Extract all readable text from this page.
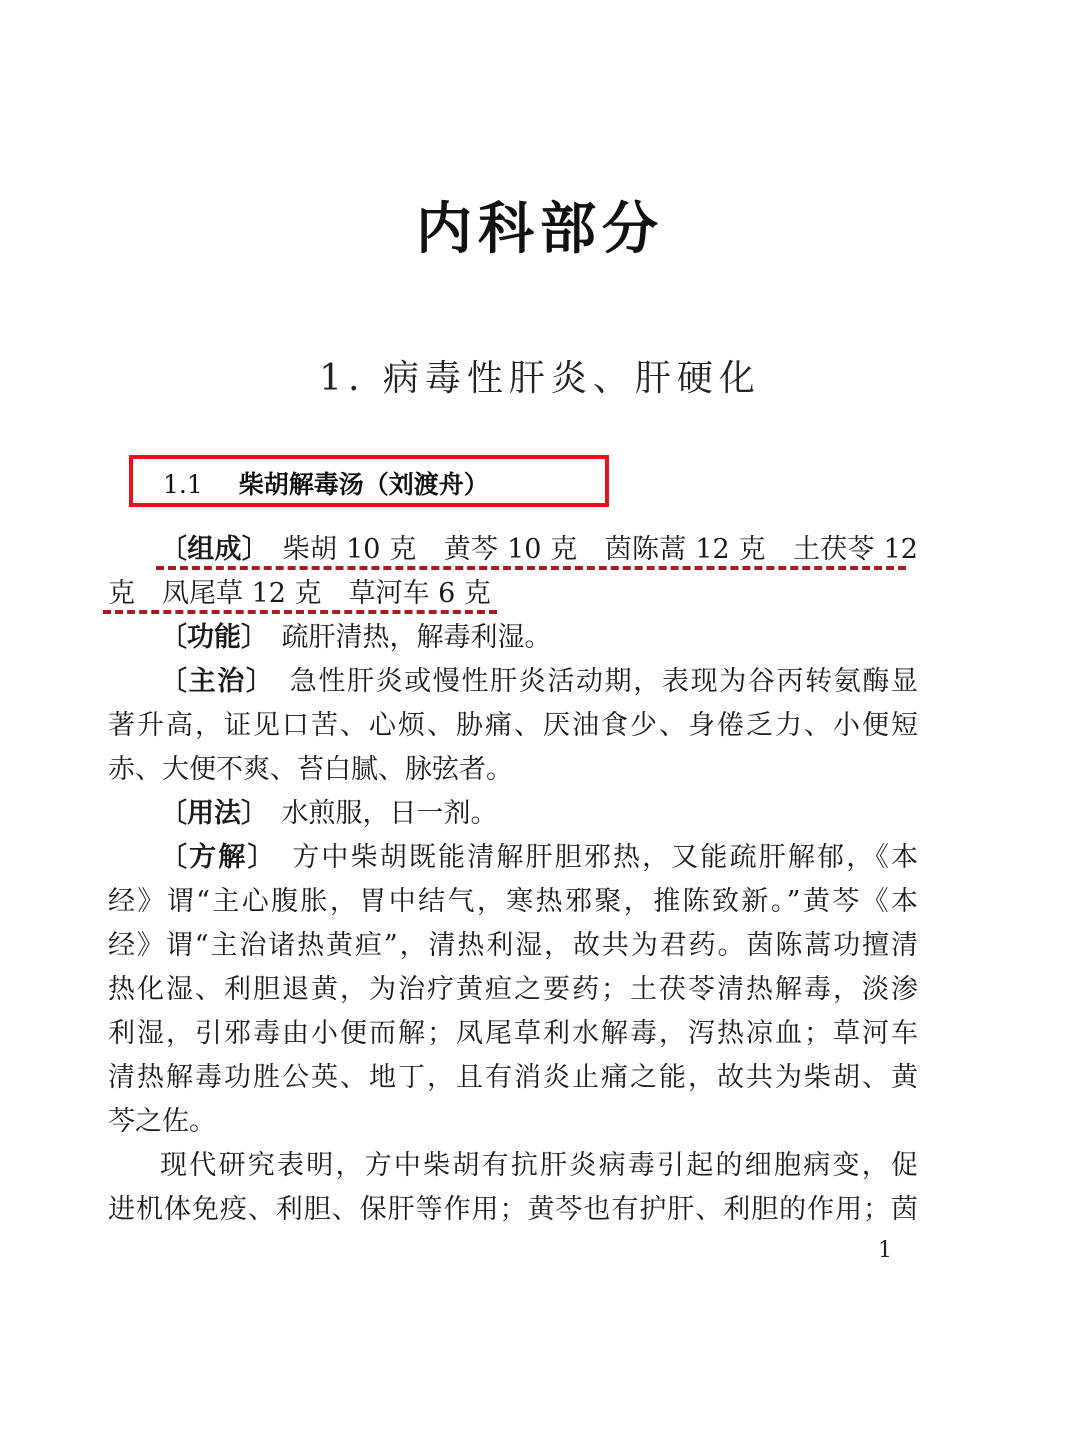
内科部分
1. 病毒性肝炎、肝硬化
1.1 柴胡解毒汤（刘渡舟）
〔组成〕　 柴胡 10 克　黄芩 10 克　茵陈蒿 12 克　土茯苓 12
克　凤尾草 12 克　草河车 6 克
〔功能〕　 疏肝清热，解毒利湿。
〔主治〕　 急性肝炎或慢性肝炎活动期，表现为谷丙转氨酶显
著升高，证见口苦、心烦、胁痛、厌油食少、身倦乏力、小便短
赤、大便不爽、苔白腻、脉弦者。
〔用法〕　 水煎服，日一剂。
〔方解〕　 方中柴胡既能清解肝胆邪热，又能疏肝解郁，《本
经》谓“主心腹胀，胃中结气，寒热邪聚，推陈致新。”黄芩《本
经》谓“主治诸热黄疸”，清热利湿，故共为君药。茵陈蒿功擅清
热化湿、利胆退黄，为治疗黄疸之要药；土茯苓清热解毒，淡渗
利湿，引邪毒由小便而解；凤尾草利水解毒，泻热凉血；草河车
清热解毒功胜公英、地丁，且有消炎止痛之能，故共为柴胡、黄
芩之佐。
现代研究表明，方中柴胡有抗肝炎病毒引起的细胞病变，促
进机体免疫、利胆、保肝等作用；黄芩也有护肝、利胆的作用；茵
1
